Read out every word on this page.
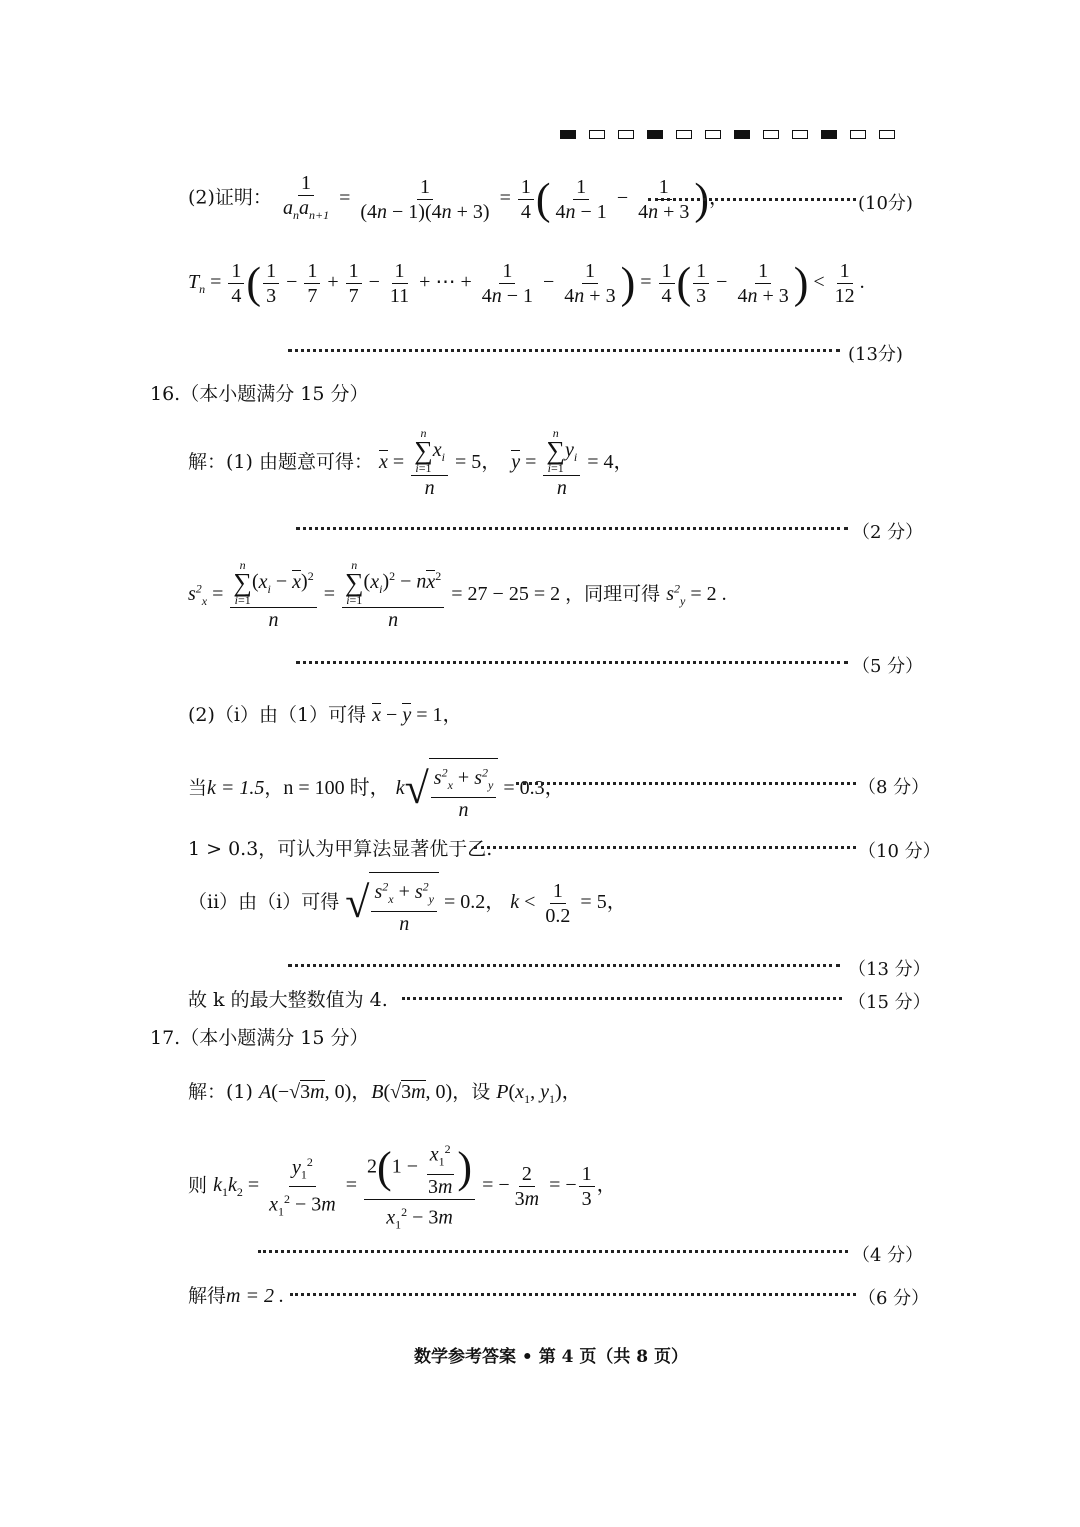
(2)证明： $\frac{1}{a_na_{n+1}} = \frac{1}{(4n - 1)(4n + 3)} = \frac{1}{4}$ ( $\frac{1}{4n - 1} - \frac{1}{4n + 3}$ )，	(10分)
$T_n = \frac{1}{4}$ ( $\frac{1}{3} - \frac{1}{7} + \frac{1}{7} - \frac{1}{11}$ + ⋯ + $\frac{1}{4n - 1} - \frac{1}{4n + 3}$ ) = $\frac{1}{4}$ ( $\frac{1}{3} - \frac{1}{4n + 3}$ ) < $\frac{1}{12}$ .
(13分)
16.（本小题满分 15 分）
解：(1) 由题意可得： x = n
∑
i=1
$x_i$
n = 5，  y = n
∑
i=1
$y_i$
n = 4，
（2 分）
$s^2_x = n$
∑
i=1
$(x_i - x)^2$
n = n
∑
i=1
$(x_i)^2 - nx^2$
n = 27 − 25 = 2 ，同理可得 $s^2_y = 2$ .
（5 分）
(2)（i）由（1）可得 x − y = 1，
当k = 1.5，n = 100 时， k √ $\frac{s^2_x + s^2_y}{n} = 0.3$，	（8 分）
1 > 0.3，可认为甲算法显著优于乙.	（10 分）
（ii）由（i）可得 √ $\frac{s^2_x + s^2_y}{n} = 0.2$， $k < \frac{1}{0.2} = 5$，
（13 分）
故 k 的最大整数值为 4.	（15 分）
17.（本小题满分 15 分）
解：(1) A(−√3m, 0)，B(√3m, 0)，设 $P(x_1$, $y_1$)，
则 $k_1k_2 = \frac{y_1^2}{x_1^2 - 3m} = \frac{2(1 - \frac{x_1^2}{3m} )}{x_1^2 - 3m}$ = − $\frac{2}{3m}$ = − $\frac{1}{3}$ ，
（4 分）
解得m = 2 .	（6 分）
数学参考答案 • 第 4 页（共 8 页）
